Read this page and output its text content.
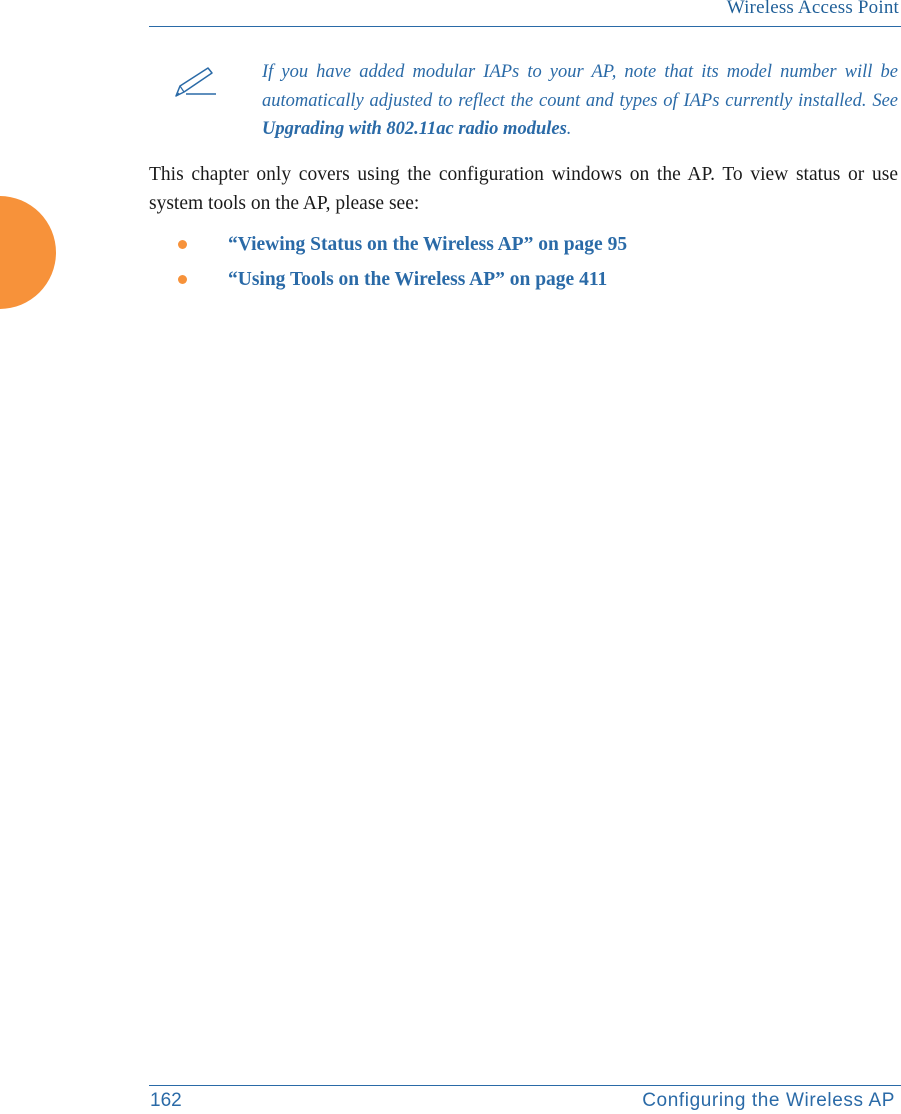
Wireless Access Point
If you have added modular IAPs to your AP, note that its model number will be automatically adjusted to reflect the count and types of IAPs currently installed. See Upgrading with 802.11ac radio modules.
This chapter only covers using the configuration windows on the AP. To view status or use system tools on the AP, please see:
“Viewing Status on the Wireless AP” on page 95
“Using Tools on the Wireless AP” on page 411
162	Configuring the Wireless AP
